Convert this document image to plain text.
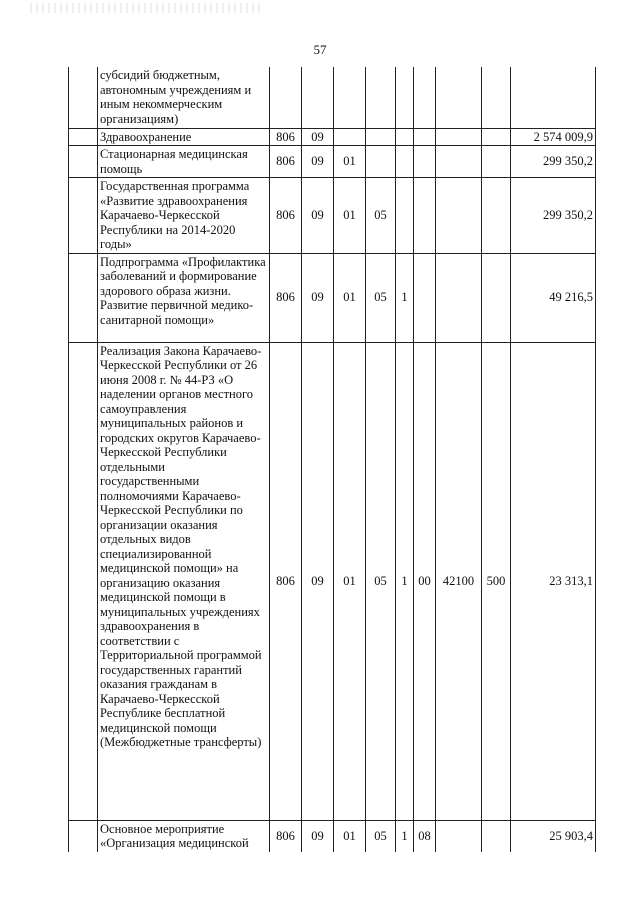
57
	субсидий бюджетным, автономным учреждениям и иным некоммерческим организациям)									
	Здравоохранение	806	09							2 574 009,9
	Стационарная медицинская помощь	806	09	01						299 350,2
	Государственная программа «Развитие здравоохранения Карачаево-Черкесской Республики на 2014-2020 годы»	806	09	01	05					299 350,2
	Подпрограмма «Профилактика заболеваний и формирование здорового образа жизни. Развитие первичной медико-санитарной помощи»	806	09	01	05	1				49 216,5
	Реализация Закона Карачаево-Черкесской Республики от 26 июня 2008 г. № 44-РЗ «О наделении органов местного самоуправления муниципальных районов и городских округов Карачаево-Черкесской Республики отдельными государственными полномочиями Карачаево-Черкесской Республики по организации оказания отдельных видов специализированной медицинской помощи» на организацию оказания медицинской помощи в муниципальных учреждениях здравоохранения в соответствии с Территориальной программой государственных гарантий оказания гражданам в Карачаево-Черкесской Республике бесплатной медицинской помощи (Межбюджетные трансферты)	806	09	01	05	1	00	42100	500	23 313,1
	Основное мероприятие «Организация медицинской	806	09	01	05	1	08			25 903,4
